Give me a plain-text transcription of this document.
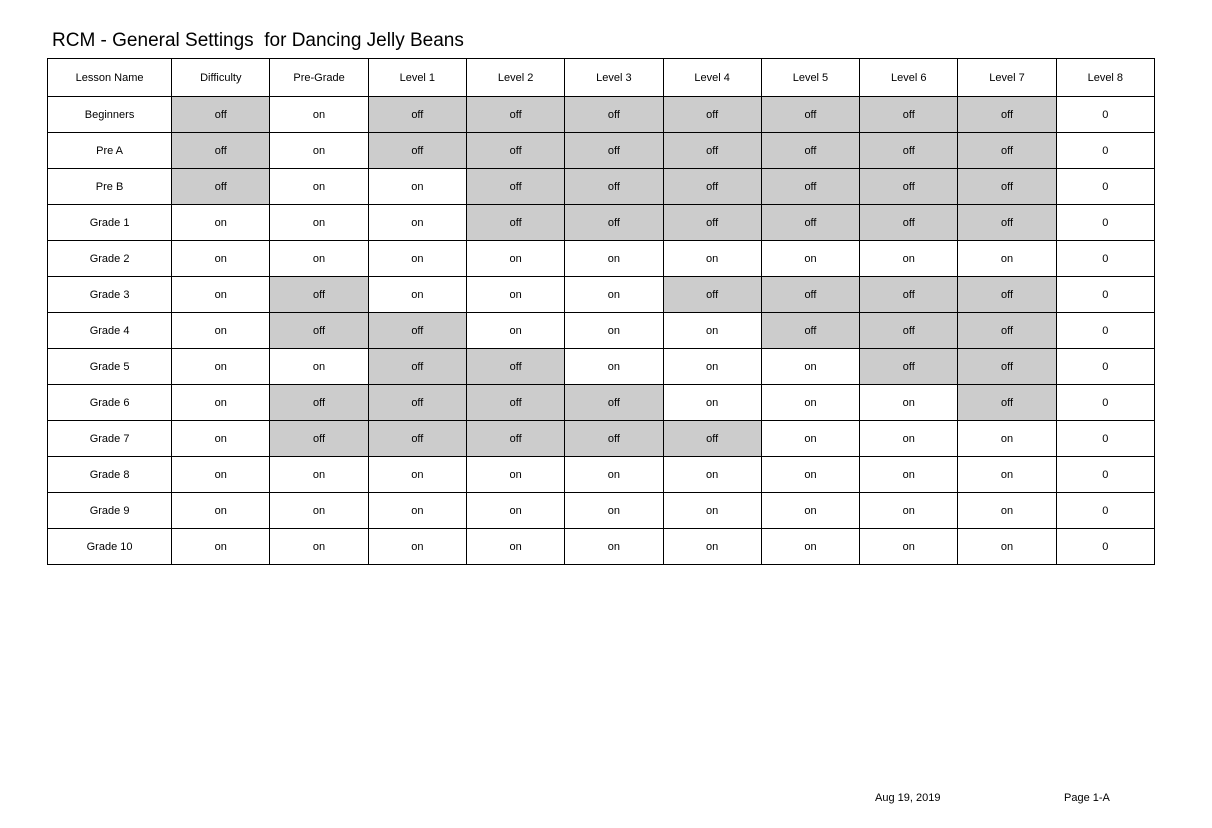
RCM - General Settings  for Dancing Jelly Beans
Lesson Name	Difficulty	Pre-Grade	Level 1	Level 2	Level 3	Level 4	Level 5	Level 6	Level 7	Level 8
Beginners	off	on	off	off	off	off	off	off	off	0
Pre A	off	on	off	off	off	off	off	off	off	0
Pre B	off	on	on	off	off	off	off	off	off	0
Grade 1	on	on	on	off	off	off	off	off	off	0
Grade 2	on	on	on	on	on	on	on	on	on	0
Grade 3	on	off	on	on	on	off	off	off	off	0
Grade 4	on	off	off	on	on	on	off	off	off	0
Grade 5	on	on	off	off	on	on	on	off	off	0
Grade 6	on	off	off	off	off	on	on	on	off	0
Grade 7	on	off	off	off	off	off	on	on	on	0
Grade 8	on	on	on	on	on	on	on	on	on	0
Grade 9	on	on	on	on	on	on	on	on	on	0
Grade 10	on	on	on	on	on	on	on	on	on	0
Aug 19, 2019	Page 1-A
